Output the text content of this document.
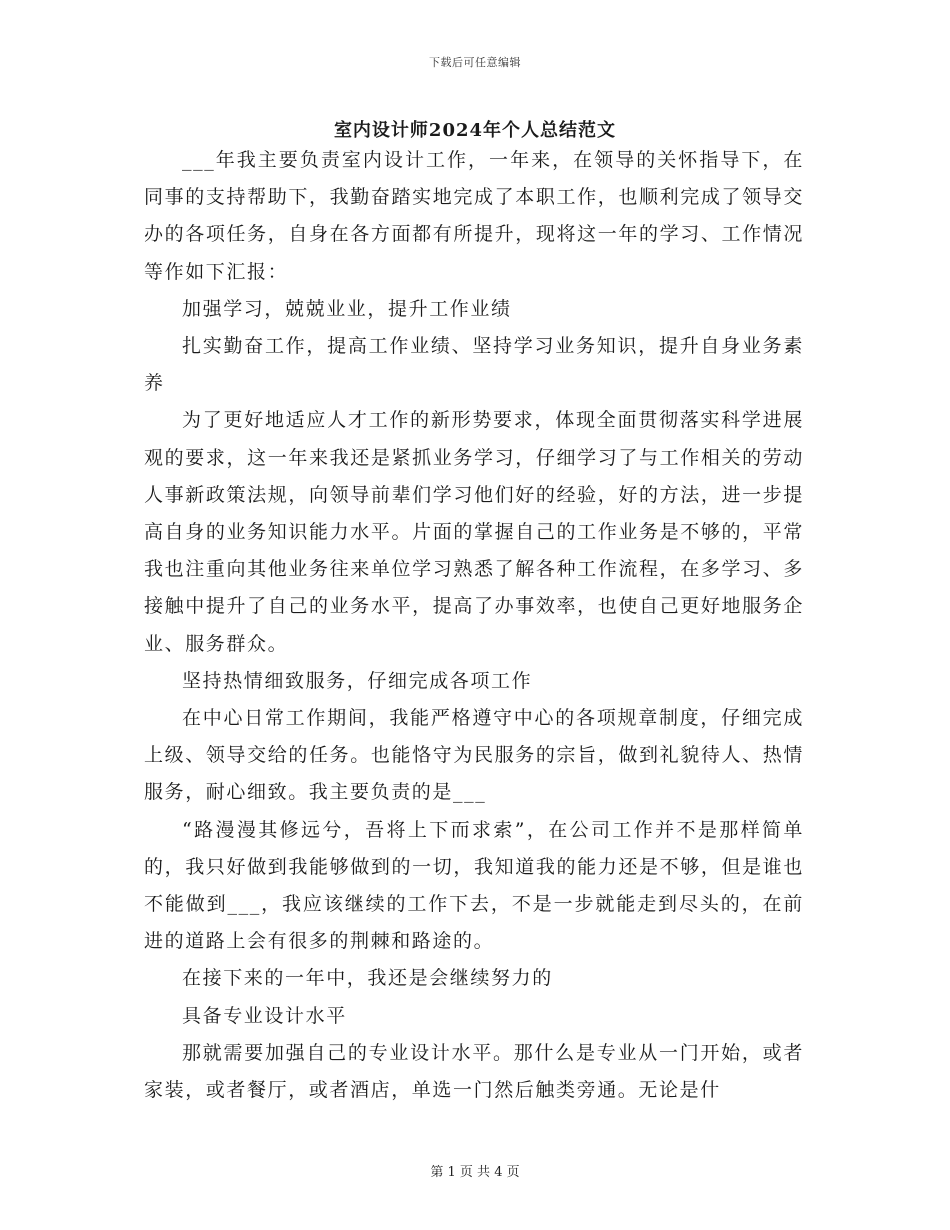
下载后可任意编辑
室内设计师2024年个人总结范文

___年我主要负责室内设计工作，一年来，在领导的关怀指导下，在同事的支持帮助下，我勤奋踏实地完成了本职工作，也顺利完成了领导交办的各项任务，自身在各方面都有所提升，现将这一年的学习、工作情况等作如下汇报：

加强学习，兢兢业业，提升工作业绩

扎实勤奋工作，提高工作业绩、坚持学习业务知识，提升自身业务素养

为了更好地适应人才工作的新形势要求，体现全面贯彻落实科学进展观的要求，这一年来我还是紧抓业务学习，仔细学习了与工作相关的劳动人事新政策法规，向领导前辈们学习他们好的经验，好的方法，进一步提高自身的业务知识能力水平。片面的掌握自己的工作业务是不够的，平常我也注重向其他业务往来单位学习熟悉了解各种工作流程，在多学习、多接触中提升了自己的业务水平，提高了办事效率，也使自己更好地服务企业、服务群众。

坚持热情细致服务，仔细完成各项工作

在中心日常工作期间，我能严格遵守中心的各项规章制度，仔细完成上级、领导交给的任务。也能恪守为民服务的宗旨，做到礼貌待人、热情服务，耐心细致。我主要负责的是___

“路漫漫其修远兮，吾将上下而求索”，在公司工作并不是那样简单的，我只好做到我能够做到的一切，我知道我的能力还是不够，但是谁也不能做到___，我应该继续的工作下去，不是一步就能走到尽头的，在前进的道路上会有很多的荆棘和路途的。

在接下来的一年中，我还是会继续努力的

具备专业设计水平

那就需要加强自己的专业设计水平。那什么是专业从一门开始，或者家装，或者餐厅，或者酒店，单选一门然后触类旁通。无论是什

第 1 页 共 4 页
